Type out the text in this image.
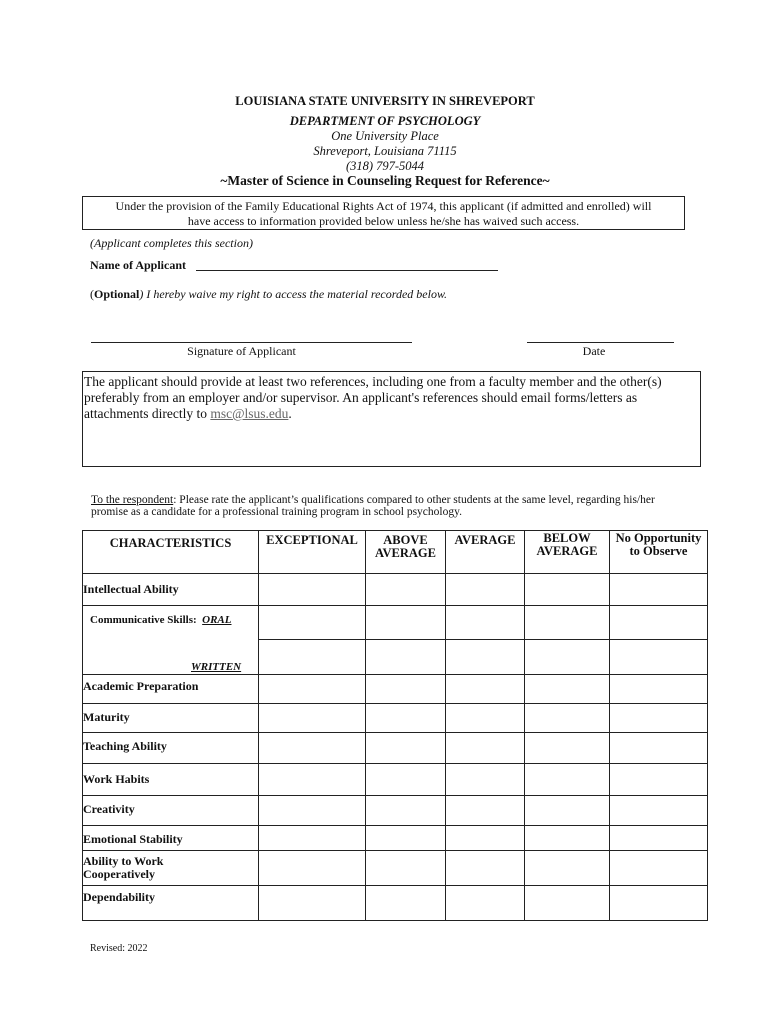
LOUISIANA STATE UNIVERSITY IN SHREVEPORT
DEPARTMENT OF PSYCHOLOGY
One University Place
Shreveport, Louisiana 71115
(318) 797-5044
~Master of Science in Counseling Request for Reference~
Under the provision of the Family Educational Rights Act of 1974, this applicant (if admitted and enrolled) will
have access to information provided below unless he/she has waived such access.
(Applicant completes this section)
Name of Applicant
(Optional) I hereby waive my right to access the material recorded below.
Signature of Applicant	Date
The applicant should provide at least two references, including one from a faculty member and the other(s)
preferably from an employer and/or supervisor. An applicant's references should email forms/letters as
attachments directly to msc@lsus.edu.
To the respondent: Please rate the applicant’s qualifications compared to other students at the same level, regarding his/her
promise as a candidate for a professional training program in school psychology.
CHARACTERISTICS	EXCEPTIONAL	ABOVE AVERAGE	AVERAGE	BELOW AVERAGE	No Opportunity to Observe
Intellectual Ability					

Communicative Skills: ORAL
WRITTEN					

Academic Preparation					
Maturity					
Teaching Ability					
Work Habits					
Creativity					
Emotional Stability					
Ability to Work Cooperatively					
Dependability					
Revised: 2022
